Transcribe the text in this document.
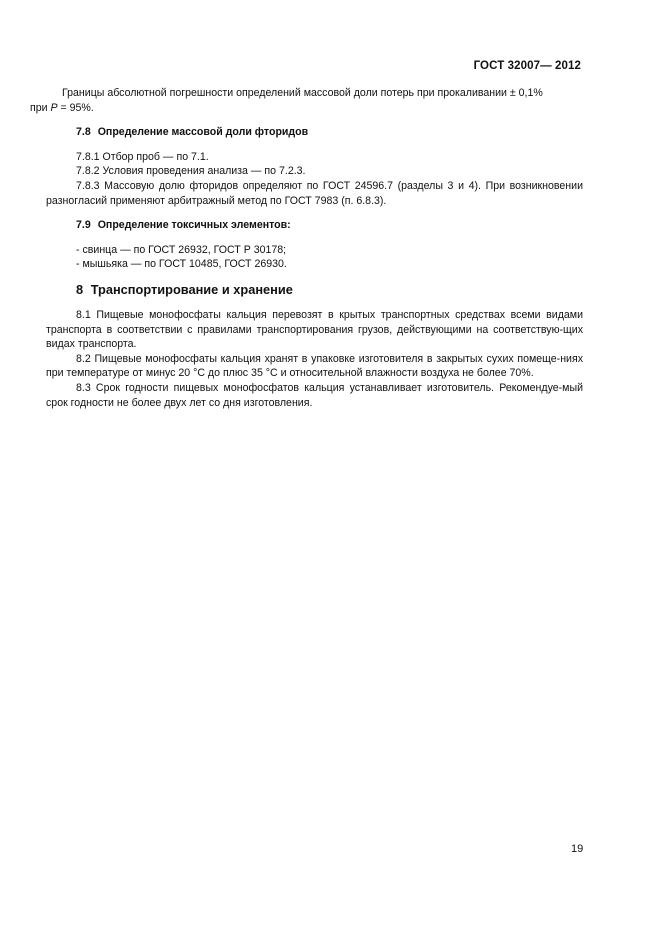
ГОСТ 32007— 2012

Границы абсолютной погрешности определений массовой доли потерь при прокаливании ± 0,1%
при P = 95%.

7.8 Определение массовой доли фторидов

7.8.1 Отбор проб — по 7.1.

7.8.2 Условия проведения анализа — по 7.2.3.

7.8.3 Массовую долю фторидов определяют по ГОСТ 24596.7 (разделы 3 и 4). При возникновении разногласий применяют арбитражный метод по ГОСТ 7983 (п. 6.8.3).

7.9 Определение токсичных элементов:

- свинца — по ГОСТ 26932, ГОСТ Р 30178;

- мышьяка — по ГОСТ 10485, ГОСТ 26930.

8 Транспортирование и хранение

8.1 Пищевые монофосфаты кальция перевозят в крытых транспортных средствах всеми видами транспорта в соответствии с правилами транспортирования грузов, действующими на соответствую-щих видах транспорта.

8.2 Пищевые монофосфаты кальция хранят в упаковке изготовителя в закрытых сухих помеще-ниях при температуре от минус 20 °С до плюс 35 °С и относительной влажности воздуха не более 70%.

8.3 Срок годности пищевых монофосфатов кальция устанавливает изготовитель. Рекомендуе-мый срок годности не более двух лет со дня изготовления.

19
